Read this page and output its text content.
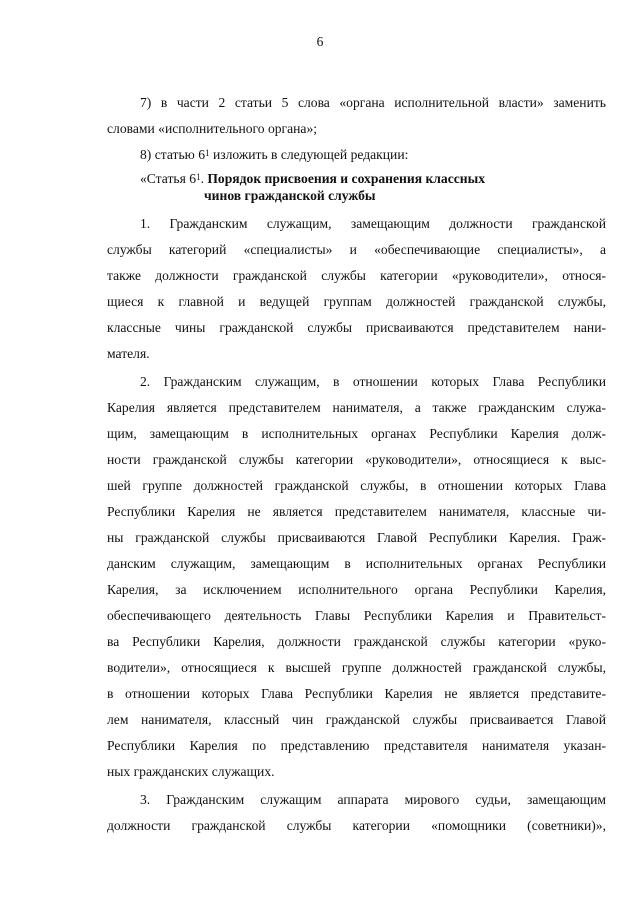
6
7) в части 2 статьи 5 слова «органа исполнительной власти» заменить
словами «исполнительного органа»;
8) статью $6^1$ изложить в следующей редакции:
«Статья $6^1$. Порядок присвоения и сохранения классных
чинов гражданской службы
1. Гражданским служащим, замещающим должности гражданской
службы категорий «специалисты» и «обеспечивающие специалисты», а
также должности гражданской службы категории «руководители», относя-
щиеся к главной и ведущей группам должностей гражданской службы,
классные чины гражданской службы присваиваются представителем нани-
мателя.
2. Гражданским служащим, в отношении которых Глава Республики
Карелия является представителем нанимателя, а также гражданским служа-
щим, замещающим в исполнительных органах Республики Карелия долж-
ности гражданской службы категории «руководители», относящиеся к выс-
шей группе должностей гражданской службы, в отношении которых Глава
Республики Карелия не является представителем нанимателя, классные чи-
ны гражданской службы присваиваются Главой Республики Карелия. Граж-
данским служащим, замещающим в исполнительных органах Республики
Карелия, за исключением исполнительного органа Республики Карелия,
обеспечивающего деятельность Главы Республики Карелия и Правительст-
ва Республики Карелия, должности гражданской службы категории «руко-
водители», относящиеся к высшей группе должностей гражданской службы,
в отношении которых Глава Республики Карелия не является представите-
лем нанимателя, классный чин гражданской службы присваивается Главой
Республики Карелия по представлению представителя нанимателя указан-
ных гражданских служащих.
3. Гражданским служащим аппарата мирового судьи, замещающим
должности гражданской службы категории «помощники (советники)»,
